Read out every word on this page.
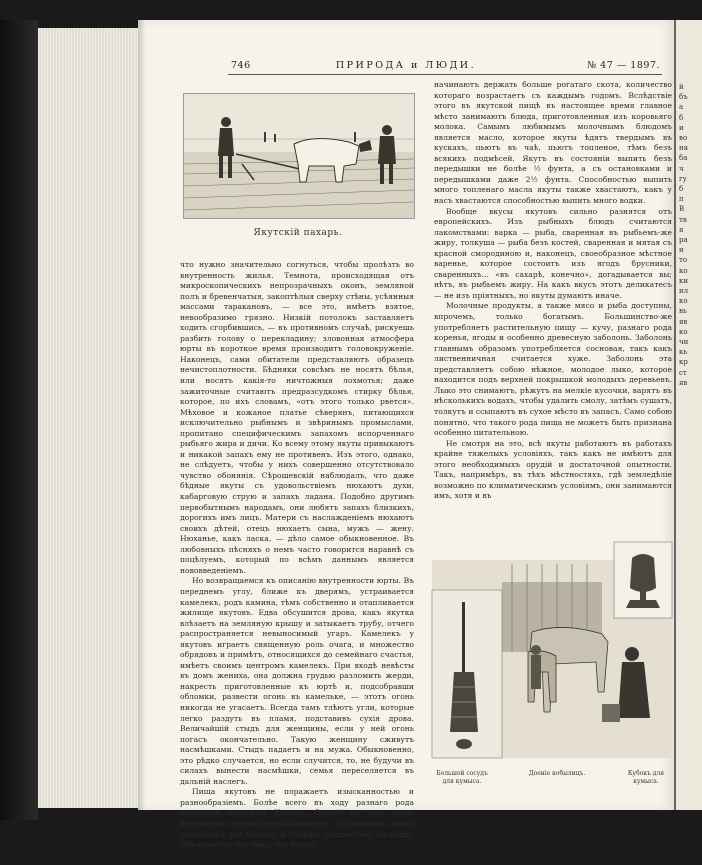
746	ПРИРОДА и ЛЮДИ.	№ 47 — 1897.
Якутскій пахарь.

что нужно значительно согнуться, чтобы пролѣзть во внутренность жилья. Темнота, происходящая отъ микроскопическихъ непрозрачныхъ оконъ, земляной полъ и бревенчатыя, закоптѣлыя сверху стѣны, усѣянныя массами таракановъ, — все это, имѣетъ взятое, невообразимо грязно. Низкій потолокъ заставляетъ ходить сгорбившись, — въ противномъ случаѣ, рискуешь разбить голову о перекладину; зловонная атмосфера юрты въ короткое время производитъ головокруженіе. Наконецъ, сами обитатели представляютъ образецъ нечистоплотности. Бѣдняки совсѣмъ не носятъ бѣлья, или носятъ какія-то ничтожныя лохмотья; даже зажиточные считаютъ предразсудкомъ стирку бѣлья, которое, по ихъ словамъ, «отъ этого только рвется». Мѣховое и кожаное платье сѣверянъ, питающихся исключительно рыбнымъ и звѣринымъ промыслами, пропитано специфическимъ запахомъ испорченнаго рыбьяго жира и дичи. Ко всему этому якуты привыкаютъ и никакой запахъ ему не противенъ. Изъ этого, однако, не слѣдуетъ, чтобы у нихъ совершенно отсутствовало чувство обонянія. Сѣрошевскій наблюдалъ, что даже бѣдные якуты съ удовольствіемъ нюхаютъ духи, кабарговую струю и запахъ ладана. Подобно другимъ первобытнымъ народамъ, они любятъ запахъ близкихъ, дорогихъ имъ лицъ. Матери съ наслажденіемъ нюхаютъ своихъ дѣтей, отецъ нюхаетъ сына, мужъ — жену. Нюханье, какъ ласка, — дѣло самое обыкновенное. Въ любовныхъ пѣсняхъ о немъ часто говорится наравнѣ съ поцѣлуемъ, который по всѣмъ даннымъ является нововведеніемъ.

Но возвращаемся къ описанію внутренности юрты. Въ переднемъ углу, ближе къ дверямъ, устраивается камелекъ, родъ камина, тѣмъ собственно и отапливается жилище якутовъ. Едва обсушится дрова, какъ якутка влѣзаетъ на земляную крышу и затыкаетъ трубу, отчего распространяется невыносимый угаръ. Камелекъ у якутовъ играетъ священную роль очага, и множество обрядовъ и примѣтъ, относящихся до семейнаго счастья, имѣетъ своимъ центромъ камелекъ. При входѣ невѣсты въ домъ жениха, она должна грудью разломить жерди, накресть приготовленные къ юртѣ и, подсобравши обломки, развести огонь въ камельке, — этотъ огонь никогда не угасаетъ. Всегда тамъ тлѣютъ угли, которые легко раздуть въ пламя, подставивъ сухія дрова. Величайшій стыдъ для женщины, если у ней огонь погасъ окончательно. Такую женщину сживутъ насмѣшками. Стыдъ падаетъ и на мужа. Обыкновенно, это рѣдко случается, но если случится, то, не будучи въ силахъ вынести насмѣшки, семья переселяется въ дальній наслегъ.

Пища якутовъ не поражаетъ изысканностью и разнообразіемъ. Болѣе всего въ ходу разнаго рода молочные продукты. Кумысъ, бывшій не такъ давно предметомъ первой необходимости, съ каждымъ днемъ становится все больше и больше предметомъ роскоши. Объясняется это тѣмъ, что якуты

начинаютъ держать больше рогатаго скота, количество котораго возрастаетъ съ каждымъ годомъ. Вслѣдствіе этого въ якутской пищѣ въ настоящее время главное мѣсто занимаютъ блюда, приготовленныя изъ коровьяго молока. Самымъ любимымъ молочнымъ блюдомъ является масло, которое якуты ѣдятъ твердымъ въ кускахъ, пьютъ въ чаѣ, пьютъ топленое, тѣмъ безъ всякихъ подмѣсей. Якутъ въ состояніи выпить безъ передышки не болѣе ½ фунта, а съ остановками и передышками даже 2½ фунта. Способностью выпить много топленаго масла якуты также хвастаютъ, какъ у насъ хвастаются способностью выпить много водки.

Вообще вкусы якутовъ сильно разнятся отъ европейскихъ. Изъ рыбныхъ блюдъ считаются лакомствами: варка — рыба, сваренная въ рыбьемъ-же жиру, толкуша — рыба безъ костей, сваренная и мятая съ красной смородиною и, наконецъ, своеобразное мѣстное варенье, которое состоитъ изъ ягодъ брусники, сваренныхъ... «въ сахарѣ, конечно», догадывается вы; нѣтъ, въ рыбьемъ жиру. На какъ вкусъ этотъ деликатесъ — не изъ пріятныхъ, но якуты думаютъ иначе.

Молочные продукты, а также мясо и рыба доступны, впрочемъ, только богатымъ. Большинство-же употребляетъ растительную пищу — кучу, разнаго рода коренья, ягоды и особенно древесную заболонь. Заболонь главнымъ образомъ употребляется сосновая, такъ какъ лиственничная считается хуже. Заболонь эта представляетъ собою нѣжное, молодое лыко, которое находится подъ верхней покрышкой молодыхъ деревьевъ. Лыко это снимаютъ, рѣжутъ на мелкіе кусочки, варятъ въ нѣсколькихъ водахъ, чтобы удалить смолу, затѣмъ сушатъ, толкутъ и ссыпаютъ въ сухое мѣсто въ запасъ. Само собою понятно, что такого рода пища не можетъ быть признана особенно питательною.

Не смотря на это, всѣ якуты работаютъ въ работахъ крайне тяжелыхъ условіяхъ, такъ какъ не имѣютъ для этого необходимыхъ орудій и достаточной опытности. Такъ, напримѣръ, въ тѣхъ мѣстностяхъ, гдѣ земледѣліе возможно по климатическимъ условіямъ, они занимаются имъ, хотя и въ

Большой сосудъ для кумыса.
Доеніе кобылицъ.	Кубокъ для кумыса.
й
бъ
а
б
и
во
ня
ба
ч
гу
б
п
В
тв
я
ра
и
то
ко
ки
ил
ко
вь
яв
ко
чи
кь
кр
ст
яв
